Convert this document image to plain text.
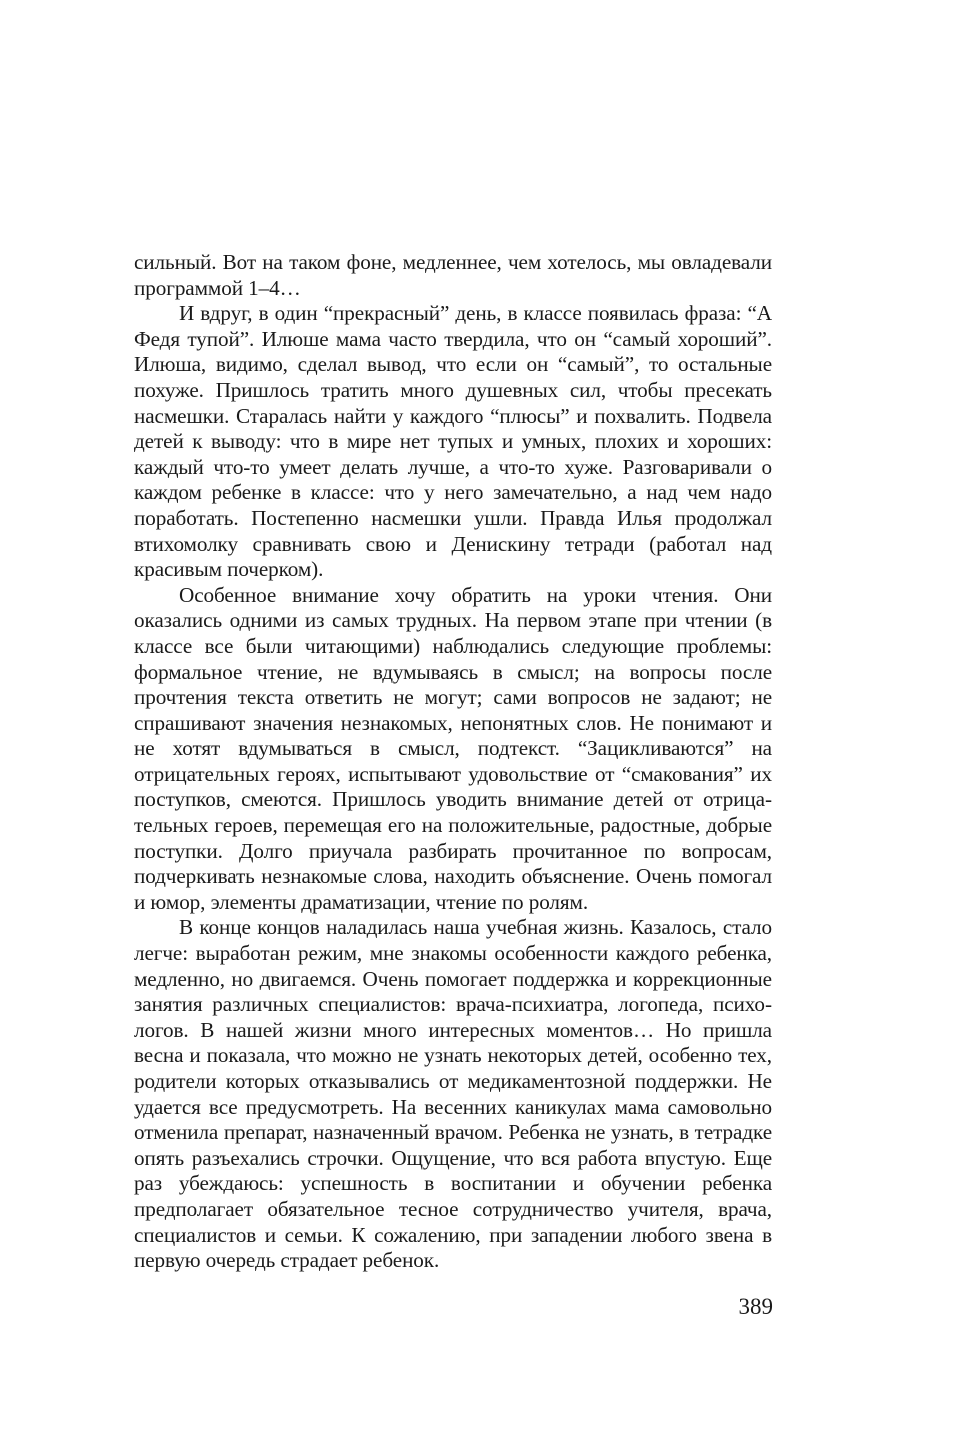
сильный. Вот на таком фоне, медленнее, чем хотелось, мы овладевали программой 1–4…

И вдруг, в один “прекрасный” день, в классе появилась фраза: “А Федя тупой”. Илюше мама часто твердила, что он “самый хороший”. Илюша, видимо, сделал вывод, что если он “самый”, то остальные похуже. Пришлось тратить много душевных сил, чтобы пресекать насмешки. Старалась найти у каждого “плюсы” и похвалить. Подвела детей к выводу: что в мире нет тупых и умных, плохих и хороших: каждый что-то умеет делать лучше, а что-то хуже. Разговаривали о каждом ребенке в классе: что у него замечательно, а над чем надо поработать. Постепенно насмешки ушли. Правда Илья продолжал втихомолку сравнивать свою и Денискину тетради (работал над красивым почерком).

Особенное внимание хочу обратить на уроки чтения. Они оказались одними из самых трудных. На первом этапе при чтении (в классе все были читающими) наблюдались следующие проблемы: формальное чтение, не вдумываясь в смысл; на вопросы после прочтения текста ответить не могут; сами вопросов не задают; не спрашивают значения незнакомых, непонятных слов. Не понимают и не хотят вдумываться в смысл, подтекст. “Зацикливаются” на отрицательных героях, испытывают удовольствие от “смакования” их поступков, смеются. Пришлось уводить внимание детей от отрицательных героев, перемещая его на положительные, радостные, добрые поступки. Долго приучала разбирать прочитанное по вопросам, подчеркивать незнакомые слова, находить объяснение. Очень помогал и юмор, элементы драматизации, чтение по ролям.

В конце концов наладилась наша учебная жизнь. Казалось, стало легче: выработан режим, мне знакомы особенности каждого ребенка, медленно, но двигаемся. Очень помогает поддержка и коррекционные занятия различных специалистов: врача-психиатра, логопеда, психологов. В нашей жизни много интересных моментов… Но пришла весна и показала, что можно не узнать некоторых детей, особенно тех, родители которых отказывались от медикаментозной поддержки. Не удается все предусмотреть. На весенних каникулах мама самовольно отменила препарат, назначенный врачом. Ребенка не узнать, в тетрадке опять разъехались строчки. Ощущение, что вся работа впустую. Еще раз убеждаюсь: успешность в воспитании и обучении ребенка предполагает обязательное тесное сотрудничество учителя, врача, специалистов и семьи. К сожалению, при западении любого звена в первую очередь страдает ребенок.

389
